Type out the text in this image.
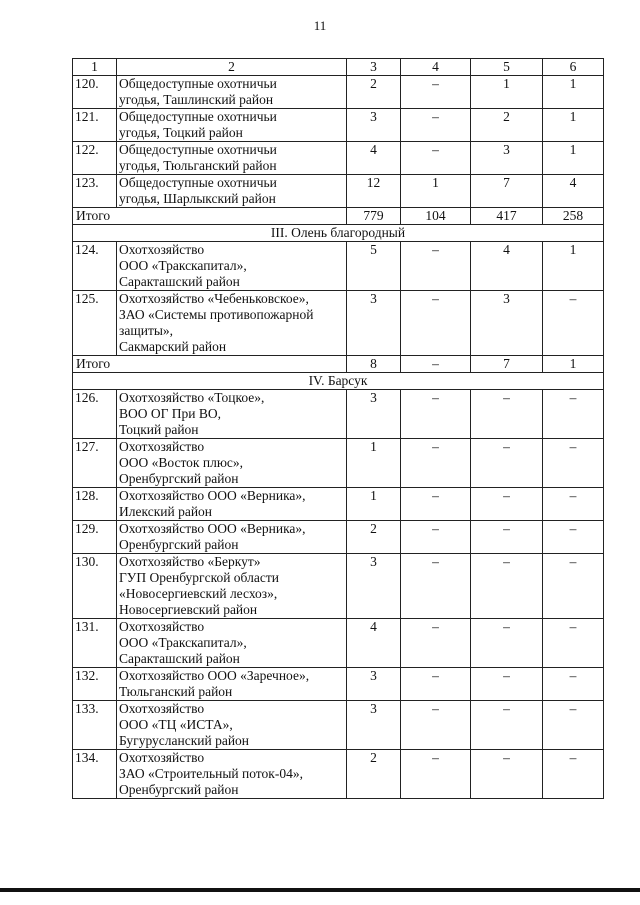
11
1	2	3	4	5	6
120.	Общедоступные охотничьи
угодья, Ташлинский район	2	–	1	1
121.	Общедоступные охотничьи
угодья, Тоцкий район	3	–	2	1
122.	Общедоступные охотничьи
угодья, Тюльганский район	4	–	3	1
123.	Общедоступные охотничьи
угодья, Шарлыкский район	12	1	7	4
Итого		779	104	417	258
III. Олень благородный					
124.	Охотхозяйство
ООО «Тракскапитал»,
Саракташский район	5	–	4	1
125.	Охотхозяйство «Чебеньковское»,
ЗАО «Системы противопожарной
защиты»,
Сакмарский район	3	–	3	–
Итого		8	–	7	1
IV. Барсук					
126.	Охотхозяйство «Тоцкое»,
ВОО ОГ При ВО,
Тоцкий район	3	–	–	–
127.	Охотхозяйство
ООО «Восток плюс»,
Оренбургский район	1	–	–	–
128.	Охотхозяйство ООО «Верника»,
Илекский район	1	–	–	–
129.	Охотхозяйство ООО «Верника»,
Оренбургский район	2	–	–	–
130.	Охотхозяйство «Беркут»
ГУП Оренбургской области
«Новосергиевский лесхоз»,
Новосергиевский район	3	–	–	–
131.	Охотхозяйство
ООО «Тракскапитал»,
Саракташский район	4	–	–	–
132.	Охотхозяйство ООО «Заречное»,
Тюльганский район	3	–	–	–
133.	Охотхозяйство
ООО «ТЦ «ИСТА»,
Бугурусланский район	3	–	–	–
134.	Охотхозяйство
ЗАО «Строительный поток-04»,
Оренбургский район	2	–	–	–
